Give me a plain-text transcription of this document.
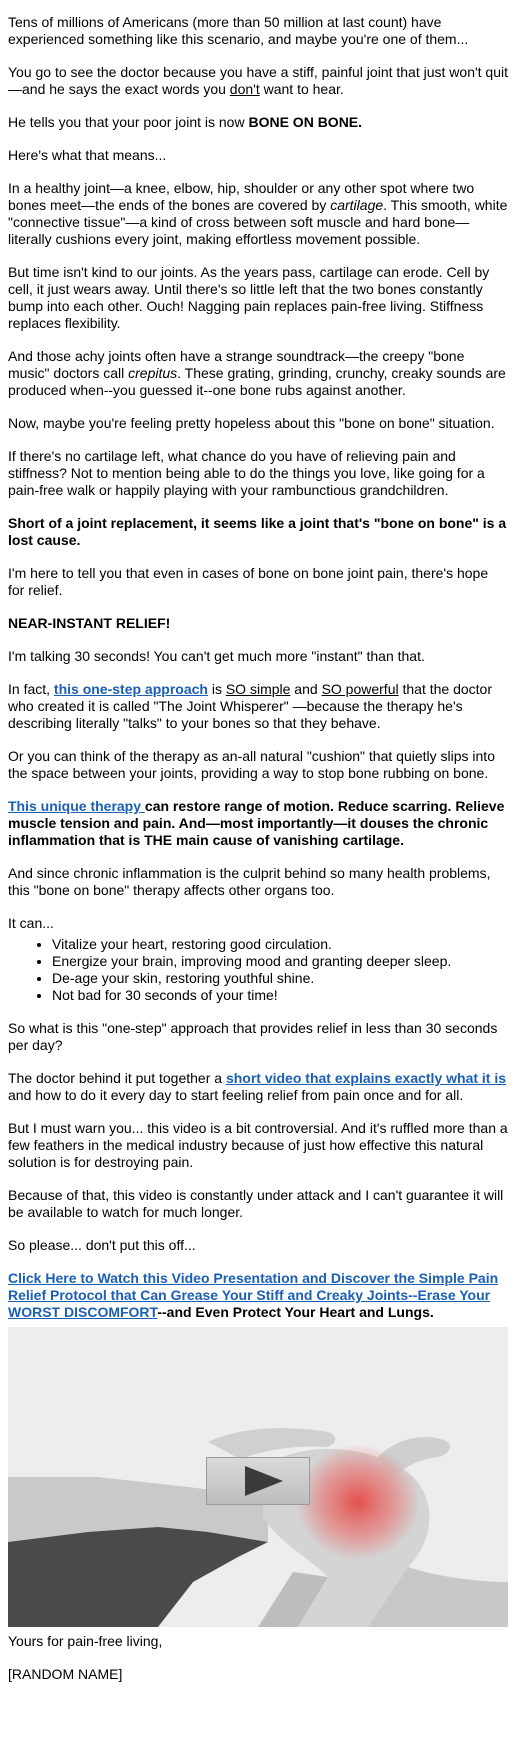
Tens of millions of Americans (more than 50 million at last count) have experienced something like this scenario, and maybe you're one of them...

You go to see the doctor because you have a stiff, painful joint that just won't quit—and he says the exact words you don't want to hear.

He tells you that your poor joint is now BONE ON BONE.

Here's what that means...

In a healthy joint—a knee, elbow, hip, shoulder or any other spot where two bones meet—the ends of the bones are covered by cartilage. This smooth, white "connective tissue"—a kind of cross between soft muscle and hard bone—literally cushions every joint, making effortless movement possible.

But time isn't kind to our joints. As the years pass, cartilage can erode. Cell by cell, it just wears away. Until there's so little left that the two bones constantly bump into each other. Ouch! Nagging pain replaces pain-free living. Stiffness replaces flexibility.

And those achy joints often have a strange soundtrack—the creepy "bone music" doctors call crepitus. These grating, grinding, crunchy, creaky sounds are produced when--you guessed it--one bone rubs against another.

Now, maybe you're feeling pretty hopeless about this "bone on bone" situation.

If there's no cartilage left, what chance do you have of relieving pain and stiffness? Not to mention being able to do the things you love, like going for a pain-free walk or happily playing with your rambunctious grandchildren.

Short of a joint replacement, it seems like a joint that's "bone on bone" is a lost cause.

I'm here to tell you that even in cases of bone on bone joint pain, there's hope for relief.

NEAR-INSTANT RELIEF!

I'm talking 30 seconds! You can't get much more "instant" than that.

In fact, this one-step approach is SO simple and SO powerful that the doctor who created it is called "The Joint Whisperer" —because the therapy he's describing literally "talks" to your bones so that they behave.

Or you can think of the therapy as an-all natural "cushion" that quietly slips into the space between your joints, providing a way to stop bone rubbing on bone.

This unique therapy can restore range of motion. Reduce scarring. Relieve muscle tension and pain. And—most importantly—it douses the chronic inflammation that is THE main cause of vanishing cartilage.

And since chronic inflammation is the culprit behind so many health problems, this "bone on bone" therapy affects other organs too.

It can...

• Vitalize your heart, restoring good circulation.
• Energize your brain, improving mood and granting deeper sleep.
• De-age your skin, restoring youthful shine.
• Not bad for 30 seconds of your time!

So what is this "one-step" approach that provides relief in less than 30 seconds per day?

The doctor behind it put together a short video that explains exactly what it is and how to do it every day to start feeling relief from pain once and for all.

But I must warn you... this video is a bit controversial. And it's ruffled more than a few feathers in the medical industry because of just how effective this natural solution is for destroying pain.

Because of that, this video is constantly under attack and I can't guarantee it will be available to watch for much longer.

So please... don't put this off...

Click Here to Watch this Video Presentation and Discover the Simple Pain Relief Protocol that Can Grease Your Stiff and Creaky Joints--Erase Your WORST DISCOMFORT--and Even Protect Your Heart and Lungs.

Yours for pain-free living,

[RANDOM NAME]
